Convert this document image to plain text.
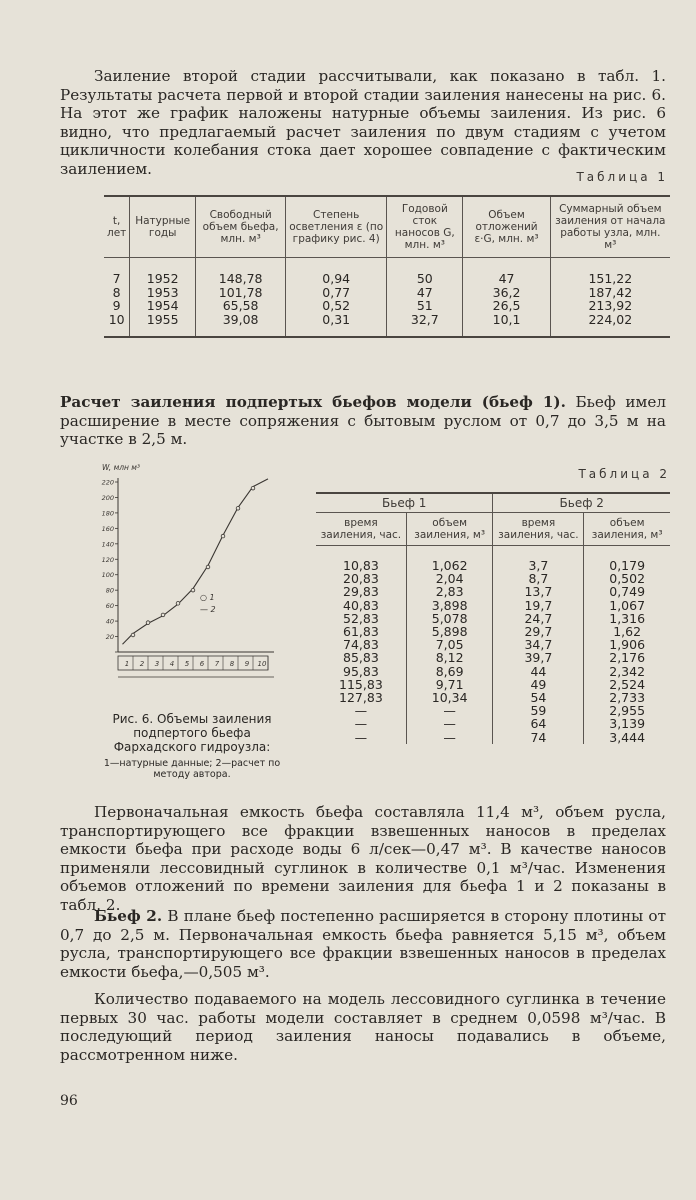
Заиление второй стадии рассчитывали, как показано в табл. 1. Результаты расчета первой и второй стадии заиления нанесены на рис. 6. На этот же график наложены натурные объемы заиления. Из рис. 6 видно, что предлагаемый расчет заиления по двум стадиям с учетом цикличности колебания стока дает хорошее совпадение с фактическим заилением.	Таблица 1
t, лет	Натурные годы	Свободный объем бьефа, млн. м³	Степень осветления ε (по графику рис. 4)	Годовой сток наносов G, млн. м³	Объем отложений ε·G, млн. м³	Суммарный объем заиления от начала работы узла, млн. м³
7	1952	148,78	0,94	50	47	151,22
8	1953	101,78	0,77	47	36,2	187,42
9	1954	65,58	0,52	51	26,5	213,92
10	1955	39,08	0,31	32,7	10,1	224,02

Расчет заиления подпертых бьефов модели (бьеф 1). Бьеф имел расширение в месте сопряжения с бытовым руслом от 0,7 до 3,5 м на участке в 2,5 м.

20
40
60
80
100
120
140
160
180
200
220
1 2 3 4 5 6 7 8 9 10
W, млн м³
○ 1
— 2

Рис. 6. Объемы заиления подпертого бьефа Фархадского гидроузла:

1—натурные данные; 2—расчет по методу автора.

Таблица 2
Бьеф 1		Бьеф 2	
время заиления, час.	объем заиления, м³	время заиления, час.	объем заиления, м³
10,83	1,062	3,7	0,179
20,83	2,04	8,7	0,502
29,83	2,83	13,7	0,749
40,83	3,898	19,7	1,067
52,83	5,078	24,7	1,316
61,83	5,898	29,7	1,62
74,83	7,05	34,7	1,906
85,83	8,12	39,7	2,176
95,83	8,69	44	2,342
115,83	9,71	49	2,524
127,83	10,34	54	2,733
—	—	59	2,955
—	—	64	3,139
—	—	74	3,444

Первоначальная емкость бьефа составляла 11,4 м³, объем русла, транспортирующего все фракции взвешенных наносов в пределах емкости бьефа при расходе воды 6 л/сек—0,47 м³. В качестве наносов применяли лессовидный суглинок в количестве 0,1 м³/час. Изменения объемов отложений по времени заиления для бьефа 1 и 2 показаны в табл. 2.

Бьеф 2. В плане бьеф постепенно расширяется в сторону плотины от 0,7 до 2,5 м. Первоначальная емкость бьефа равняется 5,15 м³, объем русла, транспортирующего все фракции взвешенных наносов в пределах емкости бьефа,—0,505 м³.

Количество подаваемого на модель лессовидного суглинка в течение первых 30 час. работы модели составляет в среднем 0,0598 м³/час. В последующий период заиления наносы подавались в объеме, рассмотренном ниже.

96
